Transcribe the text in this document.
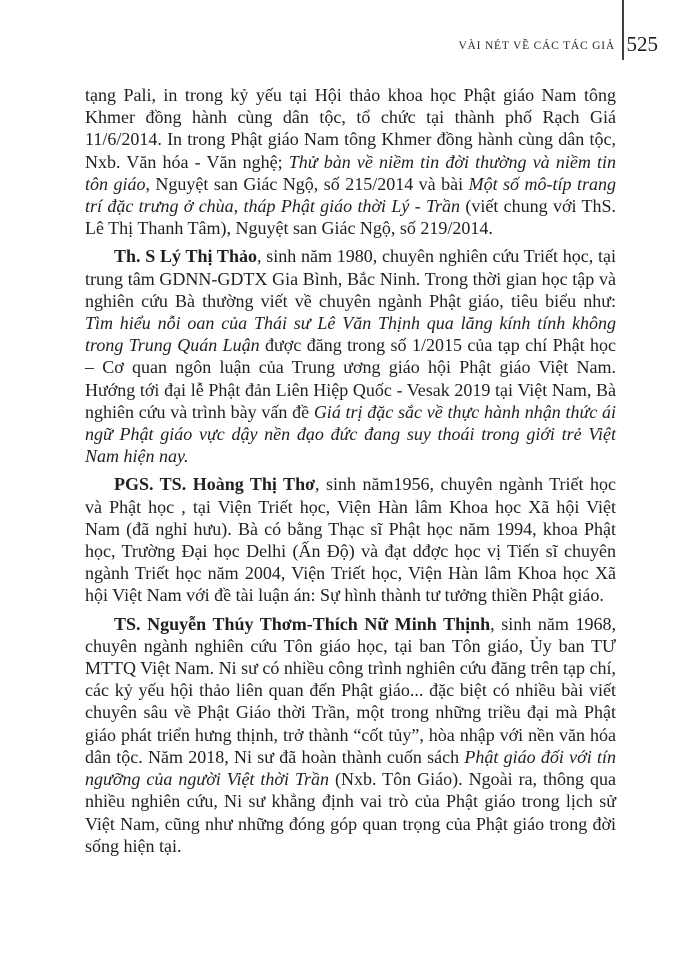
VÀI NÉT VỀ CÁC TÁC GIẢ 525

tạng Pali, in trong kỷ yếu tại Hội thảo khoa học Phật giáo Nam tông Khmer đồng hành cùng dân tộc, tổ chức tại thành phố Rạch Giá 11/6/2014. In trong Phật giáo Nam tông Khmer đồng hành cùng dân tộc, Nxb. Văn hóa - Văn nghệ; Thử bàn về niềm tin đời thường và niềm tin tôn giáo, Nguyệt san Giác Ngộ, số 215/2014 và bài Một số mô-típ trang trí đặc trưng ở chùa, tháp Phật giáo thời Lý - Trần (viết chung với ThS. Lê Thị Thanh Tâm), Nguyệt san Giác Ngộ, số 219/2014.

Th. S Lý Thị Thảo, sinh năm 1980, chuyên nghiên cứu Triết học, tại trung tâm GDNN-GDTX Gia Bình, Bắc Ninh. Trong thời gian học tập và nghiên cứu Bà thường viết về chuyên ngành Phật giáo, tiêu biểu như: Tìm hiểu nỗi oan của Thái sư Lê Văn Thịnh qua lăng kính tính không trong Trung Quán Luận được đăng trong số 1/2015 của tạp chí Phật học – Cơ quan ngôn luận của Trung ương giáo hội Phật giáo Việt Nam. Hướng tới đại lễ Phật đản Liên Hiệp Quốc - Vesak 2019 tại Việt Nam, Bà nghiên cứu và trình bày vấn đề Giá trị đặc sắc về thực hành nhận thức ái ngữ Phật giáo vực dậy nền đạo đức đang suy thoái trong giới trẻ Việt Nam hiện nay.

PGS. TS. Hoàng Thị Thơ, sinh năm1956, chuyên ngành Triết học và Phật học , tại Viện Triết học, Viện Hàn lâm Khoa học Xã hội Việt Nam (đã nghỉ hưu). Bà có bằng Thạc sĩ Phật học năm 1994, khoa Phật học, Trường Đại học Delhi (Ấn Độ) và đạt dđợc học vị Tiến sĩ chuyên ngành Triết học năm 2004, Viện Triết học, Viện Hàn lâm Khoa học Xã hội Việt Nam với đề tài luận án: Sự hình thành tư tưởng thiền Phật giáo.

TS. Nguyễn Thúy Thơm-Thích Nữ Minh Thịnh, sinh năm 1968, chuyên ngành nghiên cứu Tôn giáo học, tại ban Tôn giáo, Ủy ban TƯ MTTQ Việt Nam. Ni sư có nhiều công trình nghiên cứu đăng trên tạp chí, các kỷ yếu hội thảo liên quan đến Phật giáo... đặc biệt có nhiều bài viết chuyên sâu về Phật Giáo thời Trần, một trong những triều đại mà Phật giáo phát triển hưng thịnh, trở thành “cốt tủy”, hòa nhập với nền văn hóa dân tộc. Năm 2018, Ni sư đã hoàn thành cuốn sách Phật giáo đối với tín ngưỡng của người Việt thời Trần (Nxb. Tôn Giáo). Ngoài ra, thông qua nhiều nghiên cứu, Ni sư khẳng định vai trò của Phật giáo trong lịch sử Việt Nam, cũng như những đóng góp quan trọng của Phật giáo trong đời sống hiện tại.
